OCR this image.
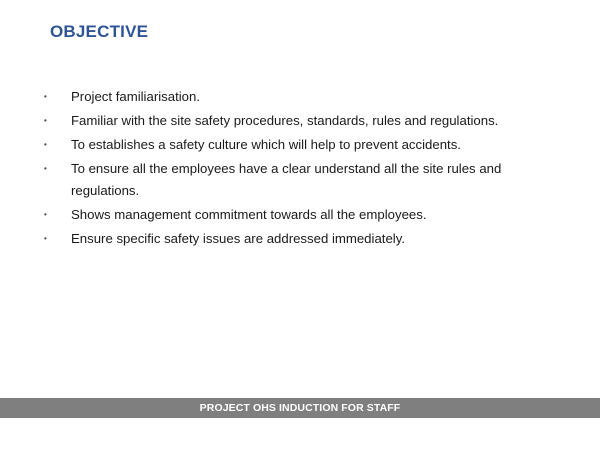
OBJECTIVE
•	Project familiarisation.
•	Familiar with the site safety procedures, standards, rules and regulations.
•	To establishes a safety culture which will help to prevent accidents.
•	To ensure all the employees have a clear understand all the site rules and regulations.
•	Shows management commitment towards all the employees.
•	Ensure specific safety issues are addressed immediately.
PROJECT OHS INDUCTION FOR STAFF
